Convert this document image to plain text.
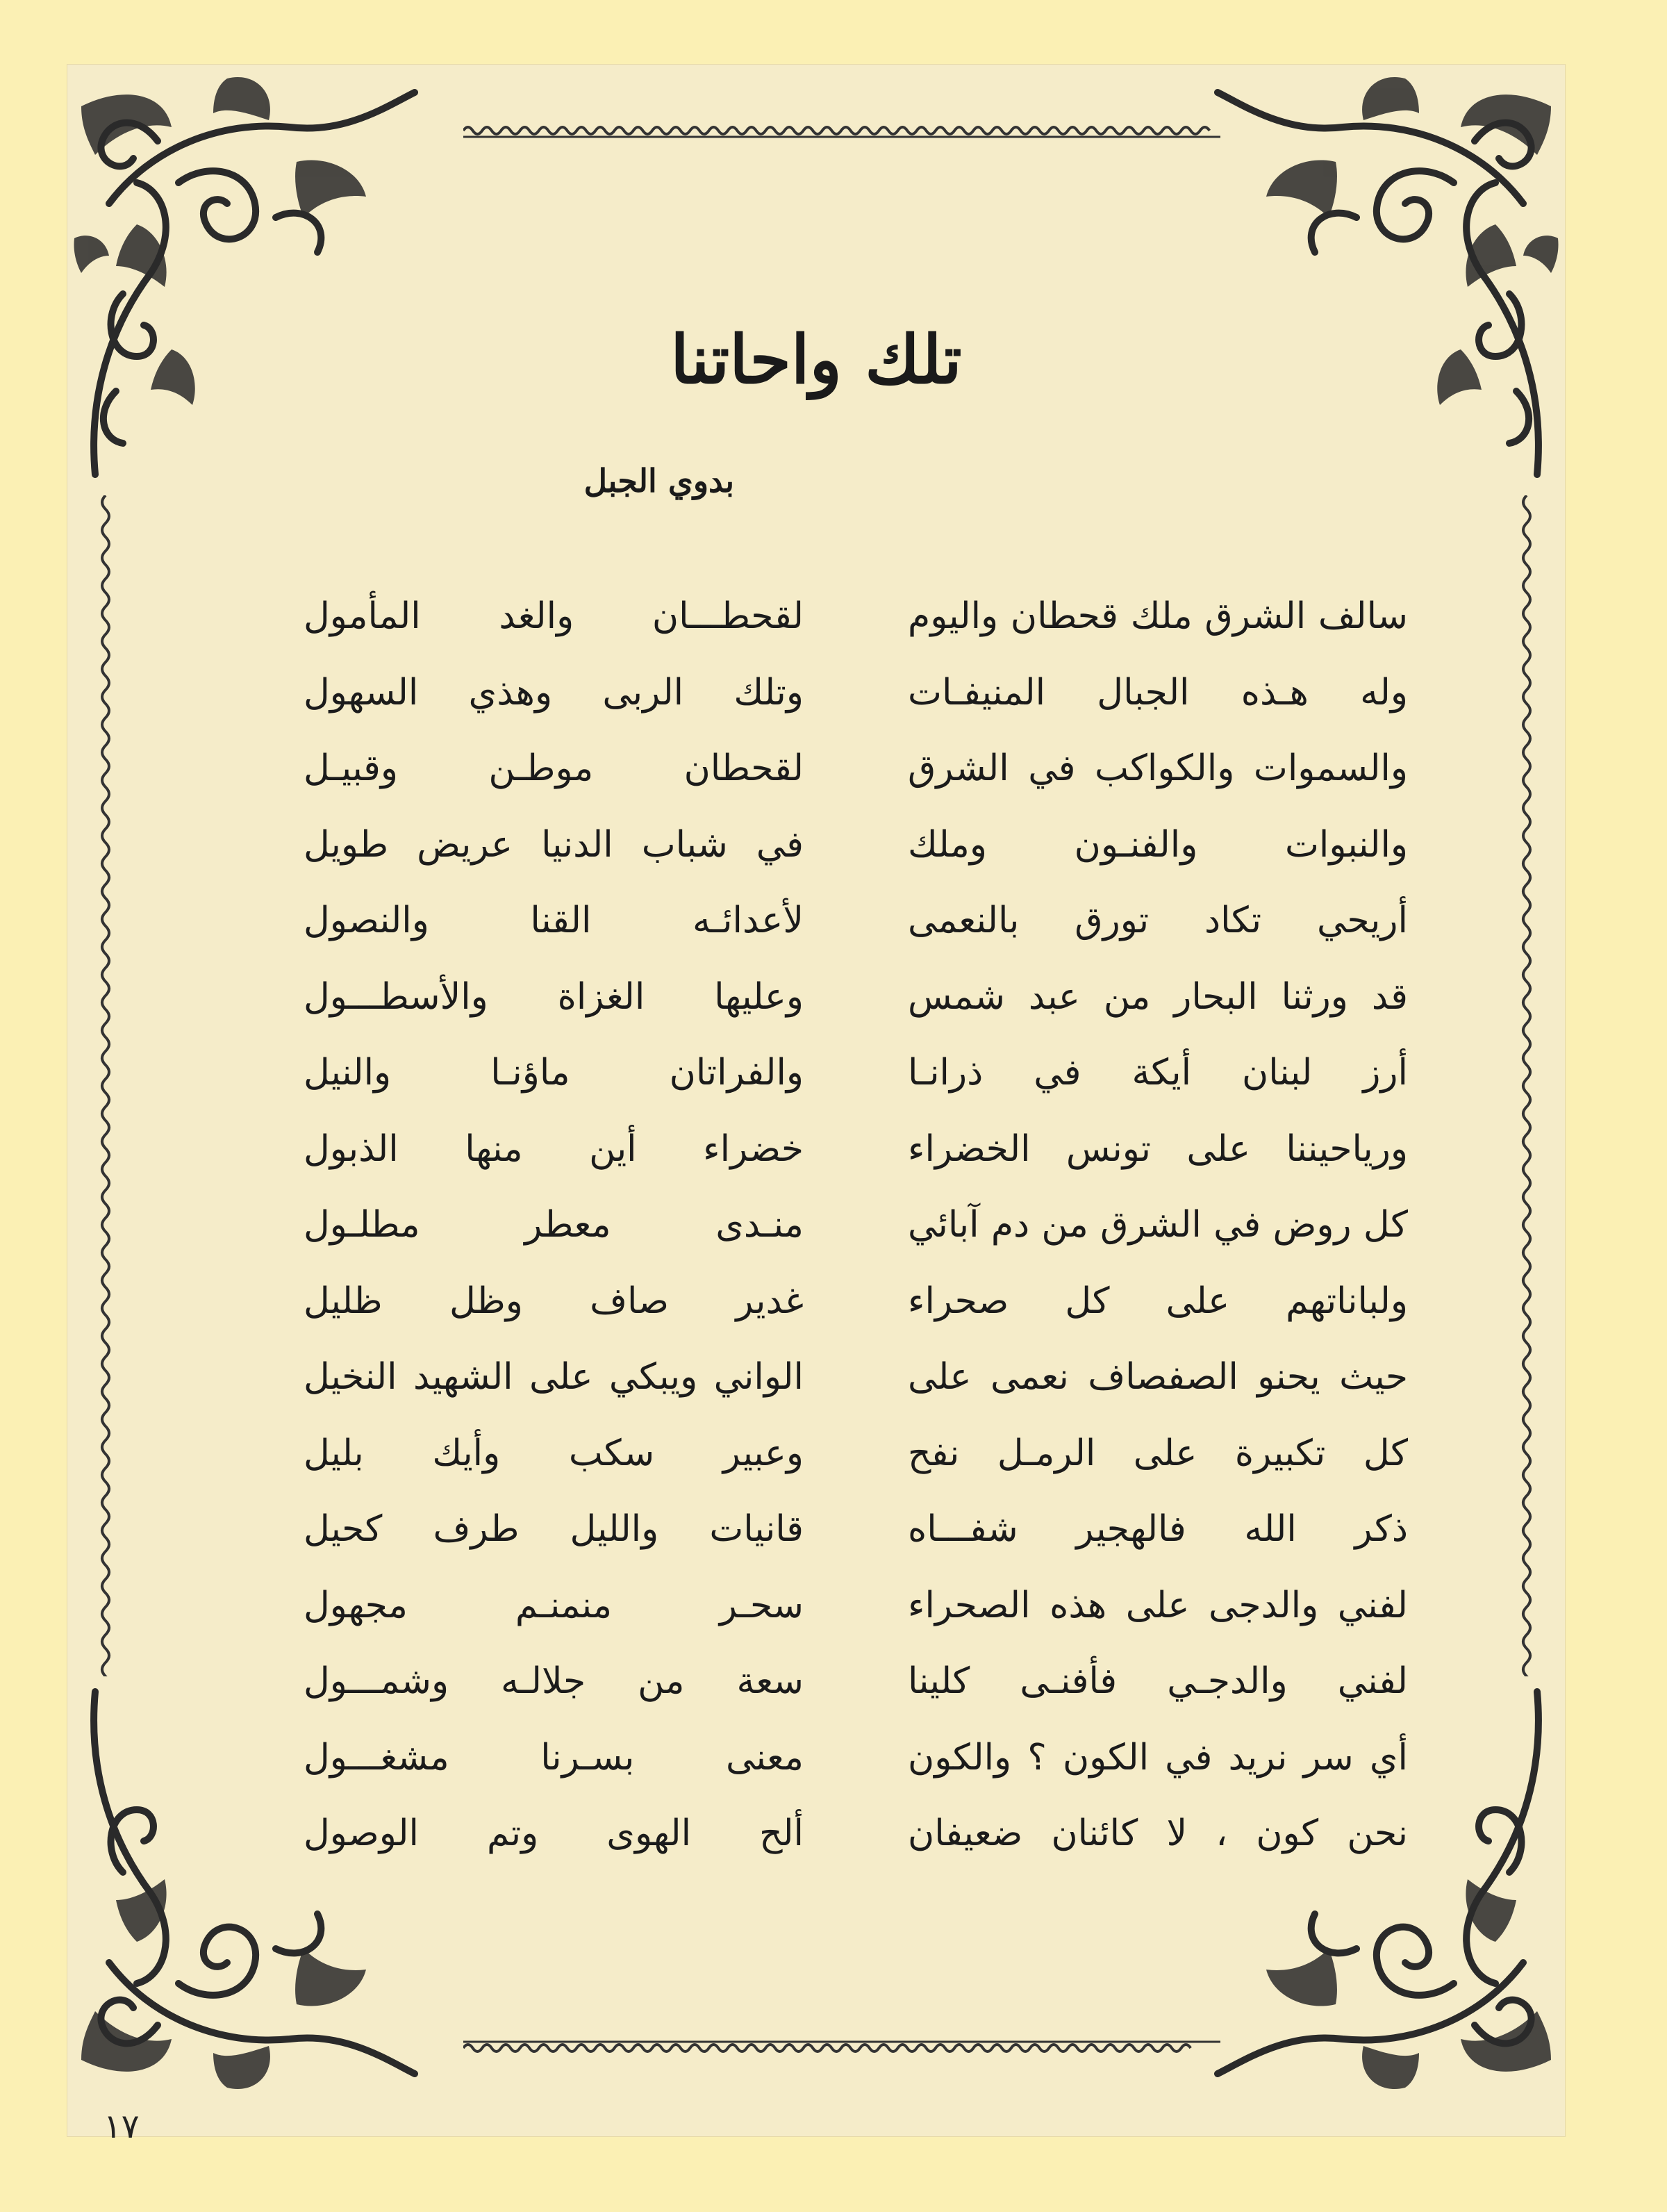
تلك واحاتنا
بدوي الجبل
سالف الشرق ملك قحطان واليوم
وله هـذه الجبال المنيفـات
والسموات والكواكب في الشرق
والنبوات والفنـون وملك
أريحي تكاد تورق بالنعمى
قد ورثنا البحار من عبد شمس
أرز لبنان أيكة في ذرانـا
ورياحيننا على تونس الخضراء
كل روض في الشرق من دم آبائي
ولباناتهم على كل صحراء
حيث يحنو الصفصاف نعمى على
كل تكبيرة على الرمـل نفح
ذكر الله فالهجير شفـــاه
لفني والدجى على هذه الصحراء
لفني والدجـي فأفنـى كلينا
أي سر نريد في الكون ؟ والكون
نحن كون ، لا كائنان ضعيفان
لقحطـــان والغد المأمول
وتلك الربى وهذي السهول
لقحطان موطـن وقبيـل
في شباب الدنيا عريض طويل
لأعدائـه القنا والنصول
وعليها الغزاة والأسطـــول
والفراتان ماؤنـا والنيل
خضراء أين منها الذبول
منـدى معطر مطلـول
غدير صاف وظل ظليل
الواني ويبكي على الشهيد النخيل
وعبير سكب وأيك بليل
قانيات والليل طرف كحيل
سحـر منمنـم مجهول
سعة من جلالـه وشمـــول
معنى بسـرنا مشغـــول
ألح الهوى وتم الوصول
١٧
